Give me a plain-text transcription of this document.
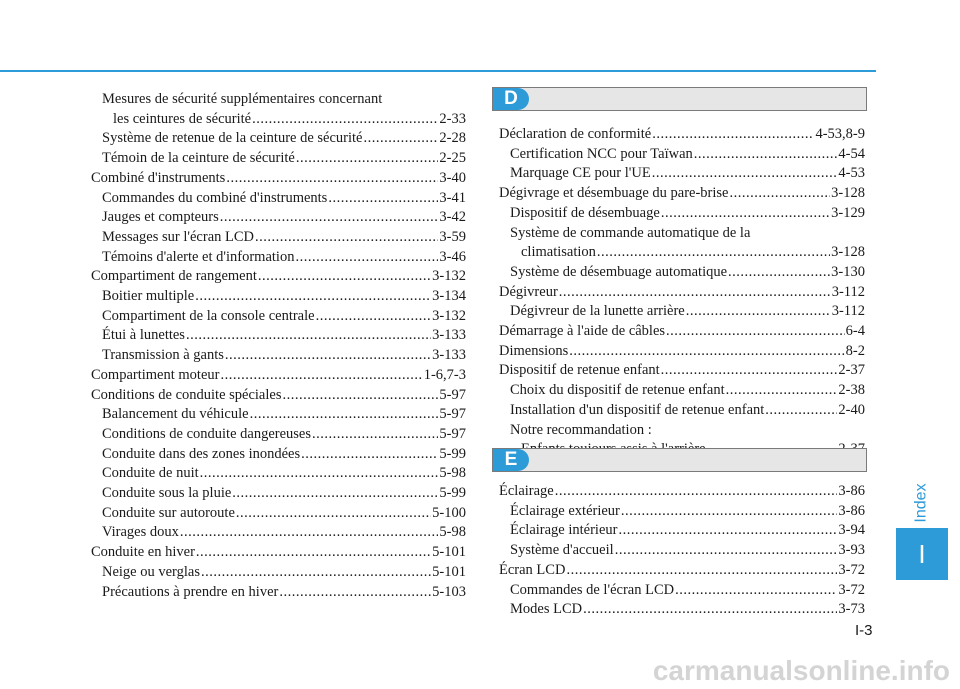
Mesures de sécurité supplémentaires concernant
les ceintures de sécurité .....	2-33
Système de retenue de la ceinture de sécurité .....	2-28
Témoin de la ceinture de sécurité .....	2-25
Combiné d'instruments .....	3-40
Commandes du combiné d'instruments .....	3-41
Jauges et compteurs .....	3-42
Messages sur l'écran LCD .....	3-59
Témoins d'alerte et d'information .....	3-46
Compartiment de rangement .....	3-132
Boitier multiple .....	3-134
Compartiment de la console centrale .....	3-132
Étui à lunettes .....	3-133
Transmission à gants .....	3-133
Compartiment moteur .....	1-6,7-3
Conditions de conduite spéciales .....	5-97
Balancement du véhicule .....	5-97
Conditions de conduite dangereuses .....	5-97
Conduite dans des zones inondées .....	5-99
Conduite de nuit .....	5-98
Conduite sous la pluie .....	5-99
Conduite sur autoroute .....	5-100
Virages doux .....	5-98
Conduite en hiver .....	5-101
Neige ou verglas .....	5-101
Précautions à prendre en hiver .....	5-103
D
Déclaration de conformité .....	4-53,8-9
Certification NCC pour Taïwan .....	4-54
Marquage CE pour l'UE .....	4-53
Dégivrage et désembuage du pare-brise .....	3-128
Dispositif de désembuage .....	3-129
Système de commande automatique de la
climatisation .....	3-128
Système de désembuage automatique .....	3-130
Dégivreur .....	3-112
Dégivreur de la lunette arrière .....	3-112
Démarrage à l'aide de câbles .....	6-4
Dimensions .....	8-2
Dispositif de retenue enfant .....	2-37
Choix du dispositif de retenue enfant .....	2-38
Installation d'un dispositif de retenue enfant .....	2-40
Notre recommandation :
.....
E
Éclairage .....	3-86
Éclairage extérieur .....	3-86
Éclairage intérieur .....	3-94
Système d'accueil .....	3-93
Écran LCD .....	3-72
Commandes de l'écran LCD .....	3-72
Modes LCD .....	3-73
Index
I
I-3
carmanualsonline.info
